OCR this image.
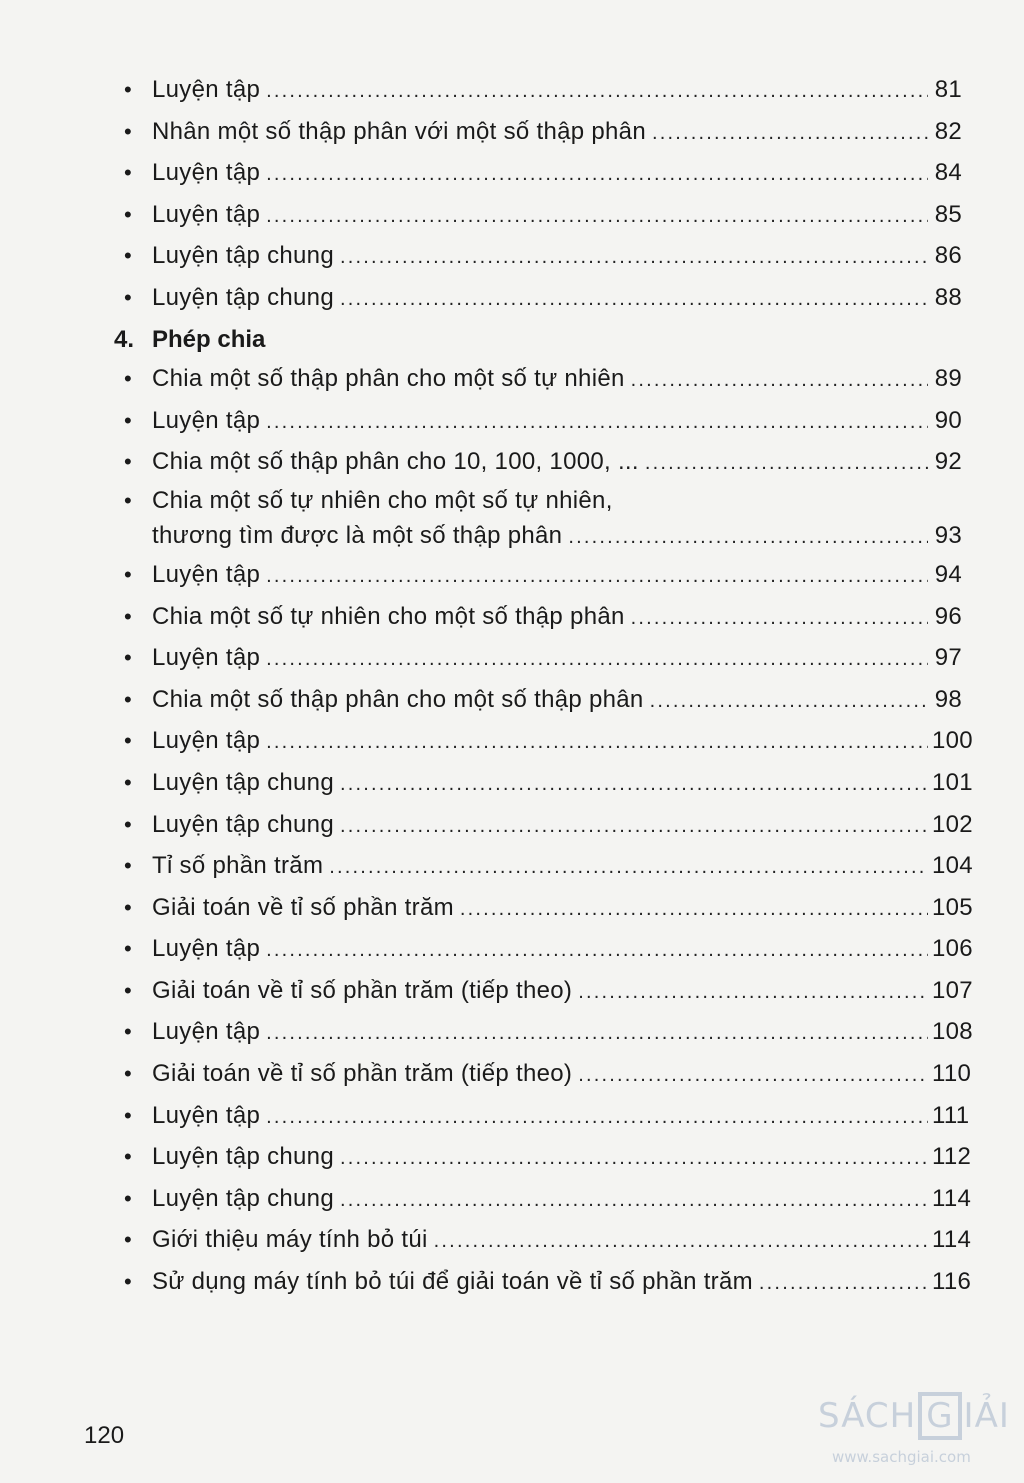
• Luyện tập .....	81
• Nhân một số thập phân với một số thập phân .....	82
• Luyện tập .....	84
• Luyện tập .....	85
• Luyện tập chung .....	86
• Luyện tập chung .....	88
4. Phép chia
• Chia một số thập phân cho một số tự nhiên .....	89
• Luyện tập .....	90
• Chia một số thập phân cho 10, 100, 1000, ... .....	92
• Chia một số tự nhiên cho một số tự nhiên,
thương tìm được là một số thập phân .....	93
• Luyện tập .....	94
• Chia một số tự nhiên cho một số thập phân .....	96
• Luyện tập .....	97
• Chia một số thập phân cho một số thập phân .....	98
• Luyện tập .....	100
• Luyện tập chung .....	101
• Luyện tập chung .....	102
• Tỉ số phần trăm .....	104
• Giải toán về tỉ số phần trăm .....	105
• Luyện tập .....	106
• Giải toán về tỉ số phần trăm (tiếp theo) .....	107
• Luyện tập .....	108
• Giải toán về tỉ số phần trăm (tiếp theo) .....	110
• Luyện tập .....	111
• Luyện tập chung .....	112
• Luyện tập chung .....	114
• Giới thiệu máy tính bỏ túi .....	114
• Sử dụng máy tính bỏ túi để giải toán về tỉ số phần trăm .....	116
120	SÁCH G IẢI
www.sachgiai.com
